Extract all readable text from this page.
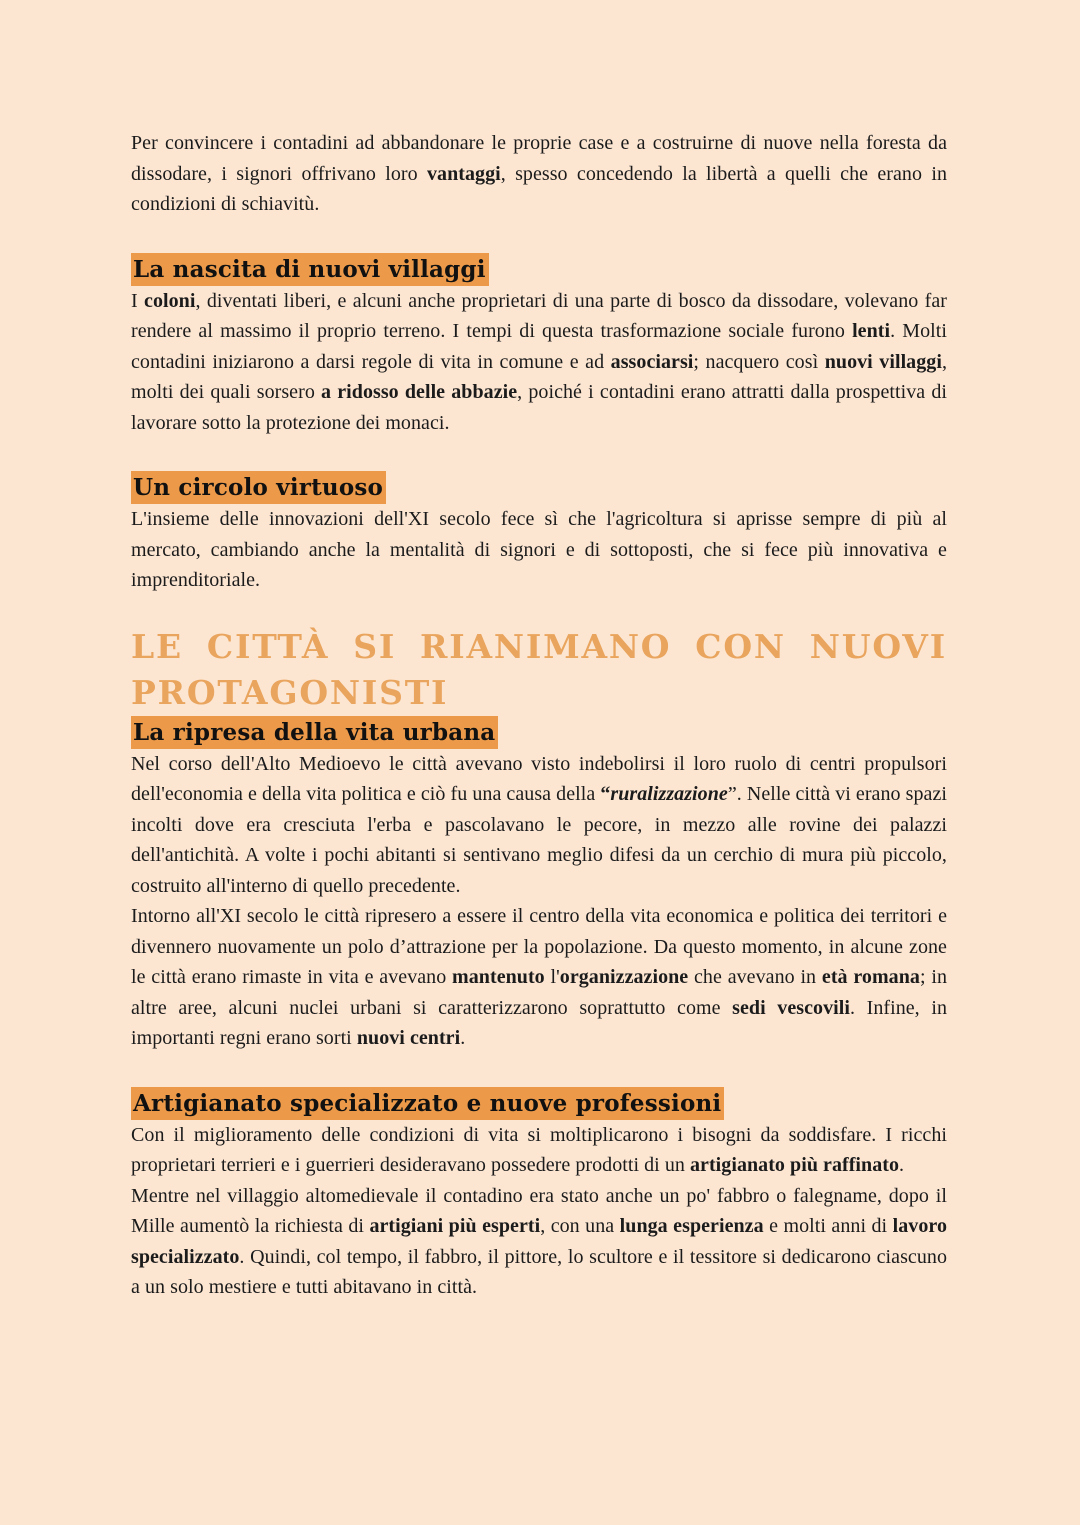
Per convincere i contadini ad abbandonare le proprie case e a costruirne di nuove nella foresta da dissodare, i signori offrivano loro vantaggi, spesso concedendo la libertà a quelli che erano in condizioni di schiavitù.

La nascita di nuovi villaggi

I coloni, diventati liberi, e alcuni anche proprietari di una parte di bosco da dissodare, volevano far rendere al massimo il proprio terreno. I tempi di questa trasformazione sociale furono lenti. Molti contadini iniziarono a darsi regole di vita in comune e ad associarsi; nacquero così nuovi villaggi, molti dei quali sorsero a ridosso delle abbazie, poiché i contadini erano attratti dalla prospettiva di lavorare sotto la protezione dei monaci.

Un circolo virtuoso

L'insieme delle innovazioni dell'XI secolo fece sì che l'agricoltura si aprisse sempre di più al mercato, cambiando anche la mentalità di signori e di sottoposti, che si fece più innovativa e imprenditoriale.

LE CITTÀ SI RIANIMANO CON NUOVI
PROTAGONISTI
La ripresa della vita urbana

Nel corso dell'Alto Medioevo le città avevano visto indebolirsi il loro ruolo di centri propulsori dell'economia e della vita politica e ciò fu una causa della “ruralizzazione”. Nelle città vi erano spazi incolti dove era cresciuta l'erba e pascolavano le pecore, in mezzo alle rovine dei palazzi dell'antichità. A volte i pochi abitanti si sentivano meglio difesi da un cerchio di mura più piccolo, costruito all'interno di quello precedente.

Intorno all'XI secolo le città ripresero a essere il centro della vita economica e politica dei territori e divennero nuovamente un polo d’attrazione per la popolazione. Da questo momento, in alcune zone le città erano rimaste in vita e avevano mantenuto l'organizzazione che avevano in età romana; in altre aree, alcuni nuclei urbani si caratterizzarono soprattutto come sedi vescovili. Infine, in importanti regni erano sorti nuovi centri.

Artigianato specializzato e nuove professioni

Con il miglioramento delle condizioni di vita si moltiplicarono i bisogni da soddisfare. I ricchi proprietari terrieri e i guerrieri desideravano possedere prodotti di un artigianato più raffinato.

Mentre nel villaggio altomedievale il contadino era stato anche un po' fabbro o falegname, dopo il Mille aumentò la richiesta di artigiani più esperti, con una lunga esperienza e molti anni di lavoro specializzato. Quindi, col tempo, il fabbro, il pittore, lo scultore e il tessitore si dedicarono ciascuno a un solo mestiere e tutti abitavano in città.
